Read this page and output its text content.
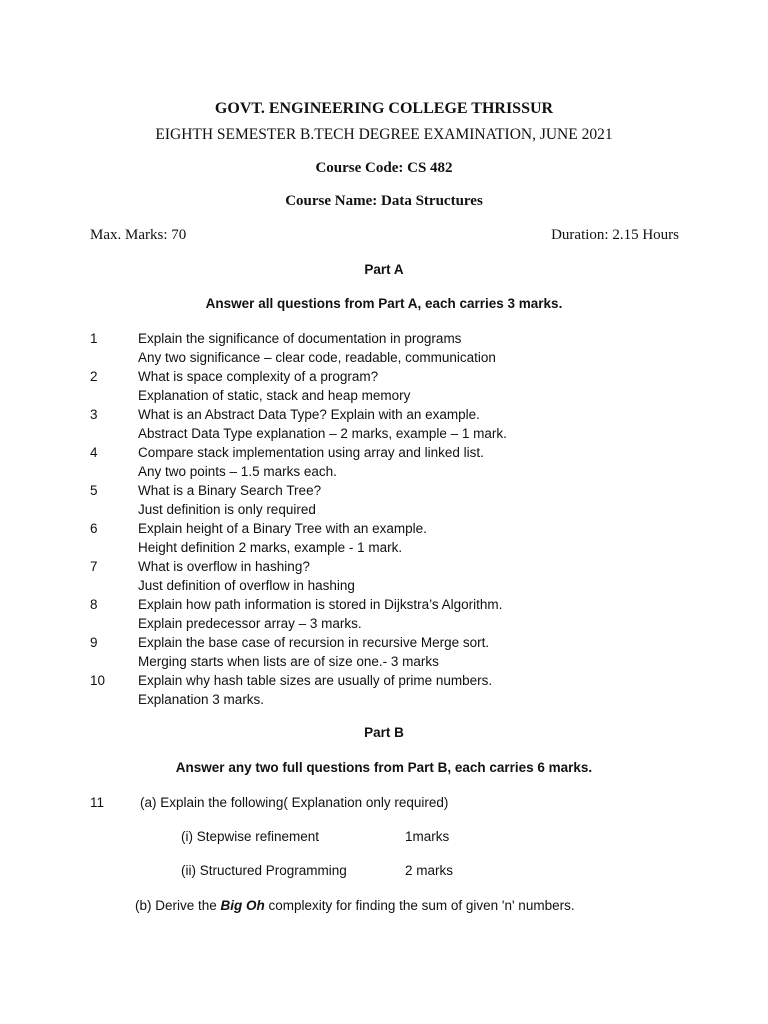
GOVT. ENGINEERING COLLEGE THRISSUR
EIGHTH SEMESTER B.TECH DEGREE EXAMINATION, JUNE 2021
Course Code: CS 482
Course Name: Data Structures
Max. Marks: 70	Duration: 2.15 Hours
Part A
Answer all questions from Part A, each carries 3 marks.
1	Explain the significance of documentation in programs
Any two significance – clear code, readable, communication
2	What is space complexity of a program?
Explanation of static, stack and heap memory
3	What is an Abstract Data Type? Explain with an example.
Abstract Data Type explanation – 2 marks, example – 1 mark.
4	Compare stack implementation using array and linked list.
Any two points – 1.5 marks each.
5	What is a Binary Search Tree?
Just definition is only required
6	Explain height of a Binary Tree with an example.
Height definition 2 marks, example - 1 mark.
7	What is overflow in hashing?
Just definition of overflow in hashing
8	Explain how path information is stored in Dijkstra’s Algorithm.
Explain predecessor array – 3 marks.
9	Explain the base case of recursion in recursive Merge sort.
Merging starts when lists are of size one.- 3 marks
10 Explain why hash table sizes are usually of prime numbers.
Explanation 3 marks.
Part B
Answer any two full questions from Part B, each carries 6 marks.
11	(a) Explain the following( Explanation only required)
(i) Stepwise refinement	1marks
(ii) Structured Programming	2 marks
(b) Derive the Big Oh complexity for finding the sum of given 'n' numbers.
